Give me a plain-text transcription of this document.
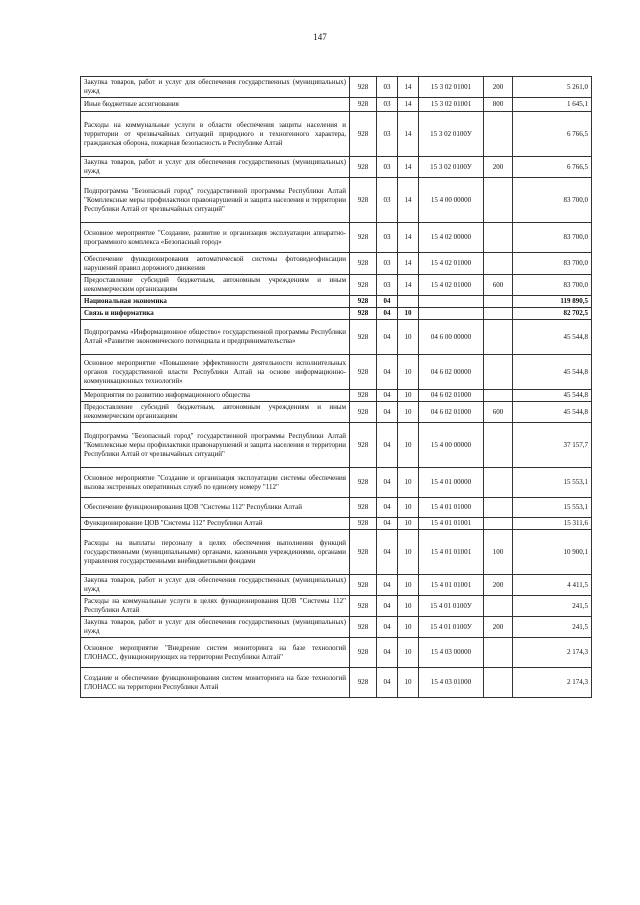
147
Закупка товаров, работ и услуг для обеспечения государственных (муниципальных) нужд	928	03	14	15 3 02 01001	200	5 261,0
Иные бюджетные ассигнования	928	03	14	15 3 02 01001	800	1 645,1
Расходы на коммунальные услуги в области обеспечения защиты населения и территории от чрезвычайных ситуаций природного и техногенного характера, гражданская оборона, пожарная безопасность в Республике Алтай	928	03	14	15 3 02 0100У		6 766,5
Закупка товаров, работ и услуг для обеспечения государственных (муниципальных) нужд	928	03	14	15 3 02 0100У	200	6 766,5
Подпрограмма "Безопасный город" государственной программы Республики Алтай "Комплексные меры профилактики правонарушений и защита населения и территории Республики Алтай от чрезвычайных ситуаций"	928	03	14	15 4 00 00000		83 700,0
Основное мероприятие "Создание, развитие и организация эксплуатации аппаратно-программного комплекса «Безопасный город»	928	03	14	15 4 02 00000		83 700,0
Обеспечение функционирования автоматической системы фотовидеофиксации нарушений правил дорожного движения	928	03	14	15 4 02 01000		83 700,0
Предоставление субсидий бюджетным, автономным учреждениям и иным некоммерческим организациям	928	03	14	15 4 02 01000	600	83 700,0
Национальная экономика	928	04				119 890,5
Связь и информатика	928	04	10			82 702,5
Подпрограмма «Информационное общество» государственной программы Республики Алтай «Развитие экономического потенциала и предпринимательства»	928	04	10	04 6 00 00000		45 544,8
Основное мероприятие «Повышение эффективности деятельности исполнительных органов государственной власти Республики Алтай на основе информационно-коммуникационных технологий»	928	04	10	04 6 02 00000		45 544,8
Мероприятия по развитию информационного общества	928	04	10	04 6 02 01000		45 544,8
Предоставление субсидий бюджетным, автономным учреждениям и иным некоммерческим организациям	928	04	10	04 6 02 01000	600	45 544,8
Подпрограмма "Безопасный город" государственной программы Республики Алтай "Комплексные меры профилактики правонарушений и защита населения и территории Республики Алтай от чрезвычайных ситуаций"	928	04	10	15 4 00 00000		37 157,7
Основное мероприятие "Создание и организация эксплуатации системы обеспечения вызова экстренных оперативных служб по единому номеру "112"	928	04	10	15 4 01 00000		15 553,1
Обеспечение функционирования ЦОВ "Системы 112" Республики Алтай	928	04	10	15 4 01 01000		15 553,1
Функционирование ЦОВ "Системы 112" Республики Алтай	928	04	10	15 4 01 01001		15 311,6
Расходы на выплаты персоналу в целях обеспечения выполнения функций государственными (муниципальными) органами, казенными учреждениями, органами управления государственными внебюджетными фондами	928	04	10	15 4 01 01001	100	10 900,1
Закупка товаров, работ и услуг для обеспечения государственных (муниципальных) нужд	928	04	10	15 4 01 01001	200	4 411,5
Расходы на коммунальные услуги в целях функционирования ЦОВ "Системы 112" Республики Алтай	928	04	10	15 4 01 0100У		241,5
Закупка товаров, работ и услуг для обеспечения государственных (муниципальных) нужд	928	04	10	15 4 01 0100У	200	241,5
Основное мероприятие "Внедрение систем мониторинга на базе технологий ГЛОНАСС, функционирующих на территории Республики Алтай"	928	04	10	15 4 03 00000		2 174,3
Создание и обеспечение функционирования систем мониторинга на базе технологий ГЛОНАСС на территории Республики Алтай	928	04	10	15 4 03 01000		2 174,3
